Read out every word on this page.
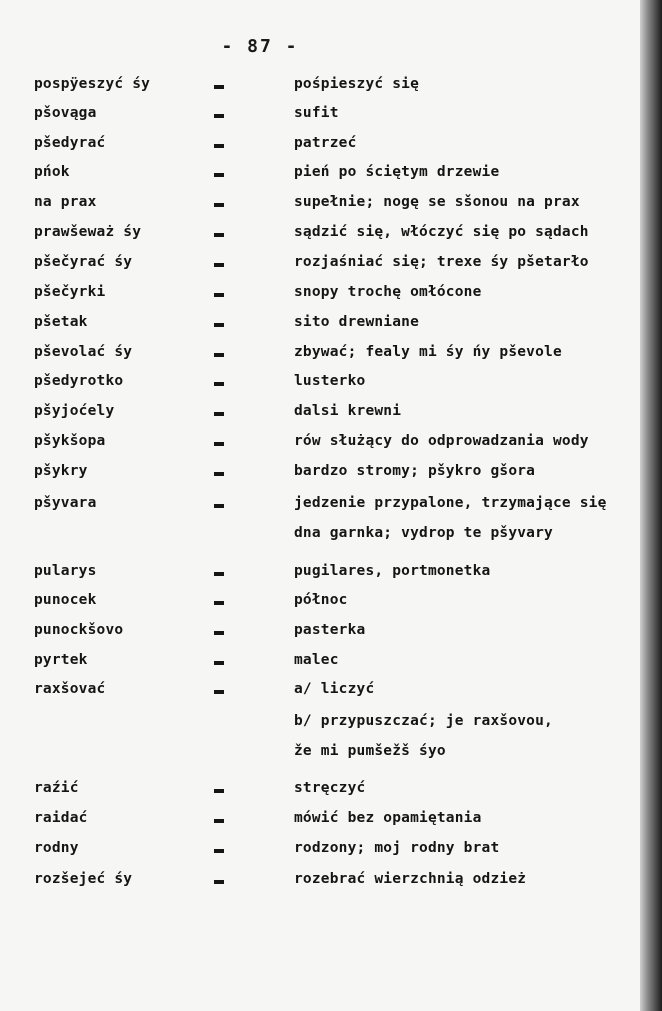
- 87 -
pospÿeszyć śy	pośpieszyć się
pšovąga	sufit
pšedyrać	patrzeć
pńok	pień po ściętym drzewie
na prax	supełnie; nogę se sšonou na prax
prawšeważ śy	sądzić się, włóczyć się po sądach
pšečyrać śy	rozjaśniać się; trexe śy pšetarło
pšečyrki	snopy trochę omłócone
pšetak	sito drewniane
pševolać śy	zbywać; fealy mi śy ńy pševole
pšedyrotko	lusterko
pšyjoćely	dalsi krewni
pšykšopa	rów służący do odprowadzania wody
pšykry	bardzo stromy; pšykro gšora
pšyvara	jedzenie przypalone, trzymające się
dna garnka; vydrop te pšyvary
pularys	pugilares, portmonetka
punocek	północ
punockšovo	pasterka
pyrtek	malec
raxšovać	a/ liczyć
b/ przypuszczać; je raxšovou,
že mi pumšežš śyo
raźić	stręczyć
raidać	mówić bez opamiętania
rodny	rodzony; moj rodny brat
rozšejeć śy	rozebrać wierzchnią odzież
